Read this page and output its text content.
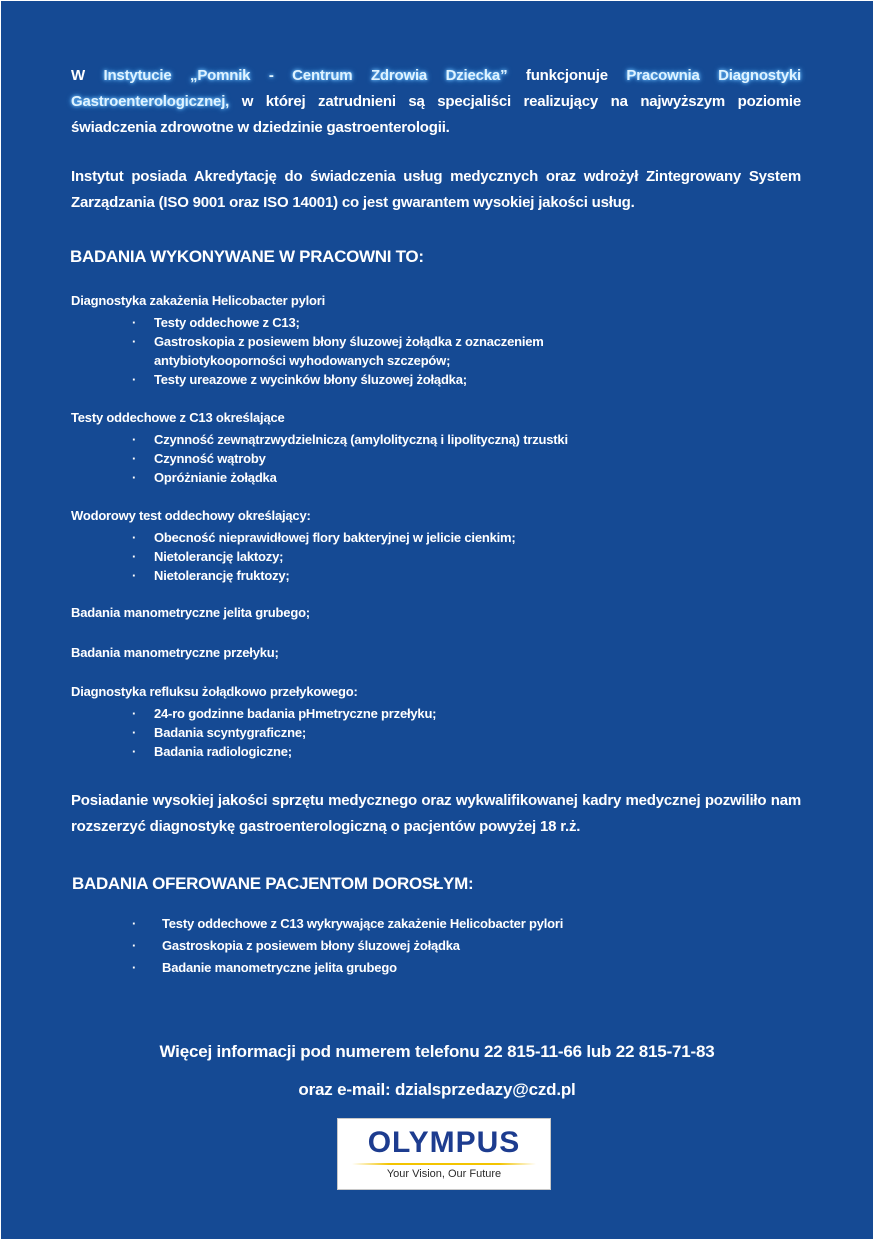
W Instytucie „Pomnik - Centrum Zdrowia Dziecka” funkcjonuje Pracownia Diagnostyki Gastroenterologicznej, w której zatrudnieni są specjaliści realizujący na najwyższym poziomie świadczenia zdrowotne w dziedzinie gastroenterologii.
Instytut posiada Akredytację do świadczenia usług medycznych oraz wdrożył Zintegrowany System Zarządzania (ISO 9001 oraz ISO 14001) co jest gwarantem wysokiej jakości usług.
BADANIA WYKONYWANE W PRACOWNI TO:
Diagnostyka zakażenia Helicobacter pylori
· Testy oddechowe z C13;
· Gastroskopia z posiewem błony śluzowej żołądka z oznaczeniem
antybiotykooporności wyhodowanych szczepów;
· Testy ureazowe z wycinków błony śluzowej żołądka;
Testy oddechowe z C13 określające
· Czynność zewnątrzwydzielniczą (amylolityczną i lipolityczną) trzustki
· Czynność wątroby
· Opróżnianie żołądka
Wodorowy test oddechowy określający:
· Obecność nieprawidłowej flory bakteryjnej w jelicie cienkim;
· Nietolerancję laktozy;
· Nietolerancję fruktozy;
Badania manometryczne jelita grubego;
Badania manometryczne przełyku;
Diagnostyka refluksu żołądkowo przełykowego:
· 24-ro godzinne badania pHmetryczne przełyku;
· Badania scyntygraficzne;
· Badania radiologiczne;
Posiadanie wysokiej jakości sprzętu medycznego oraz wykwalifikowanej kadry medycznej pozwiliło nam rozszerzyć diagnostykę gastroenterologiczną o pacjentów powyżej 18 r.ż.
BADANIA OFEROWANE PACJENTOM DOROSŁYM:
· Testy oddechowe z C13 wykrywające zakażenie Helicobacter pylori
· Gastroskopia z posiewem błony śluzowej żołądka
· Badanie manometryczne jelita grubego
Więcej informacji pod numerem telefonu 22 815-11-66 lub 22 815-71-83
oraz e-mail: dzialsprzedazy@czd.pl
OLYMPUS
Your Vision, Our Future
